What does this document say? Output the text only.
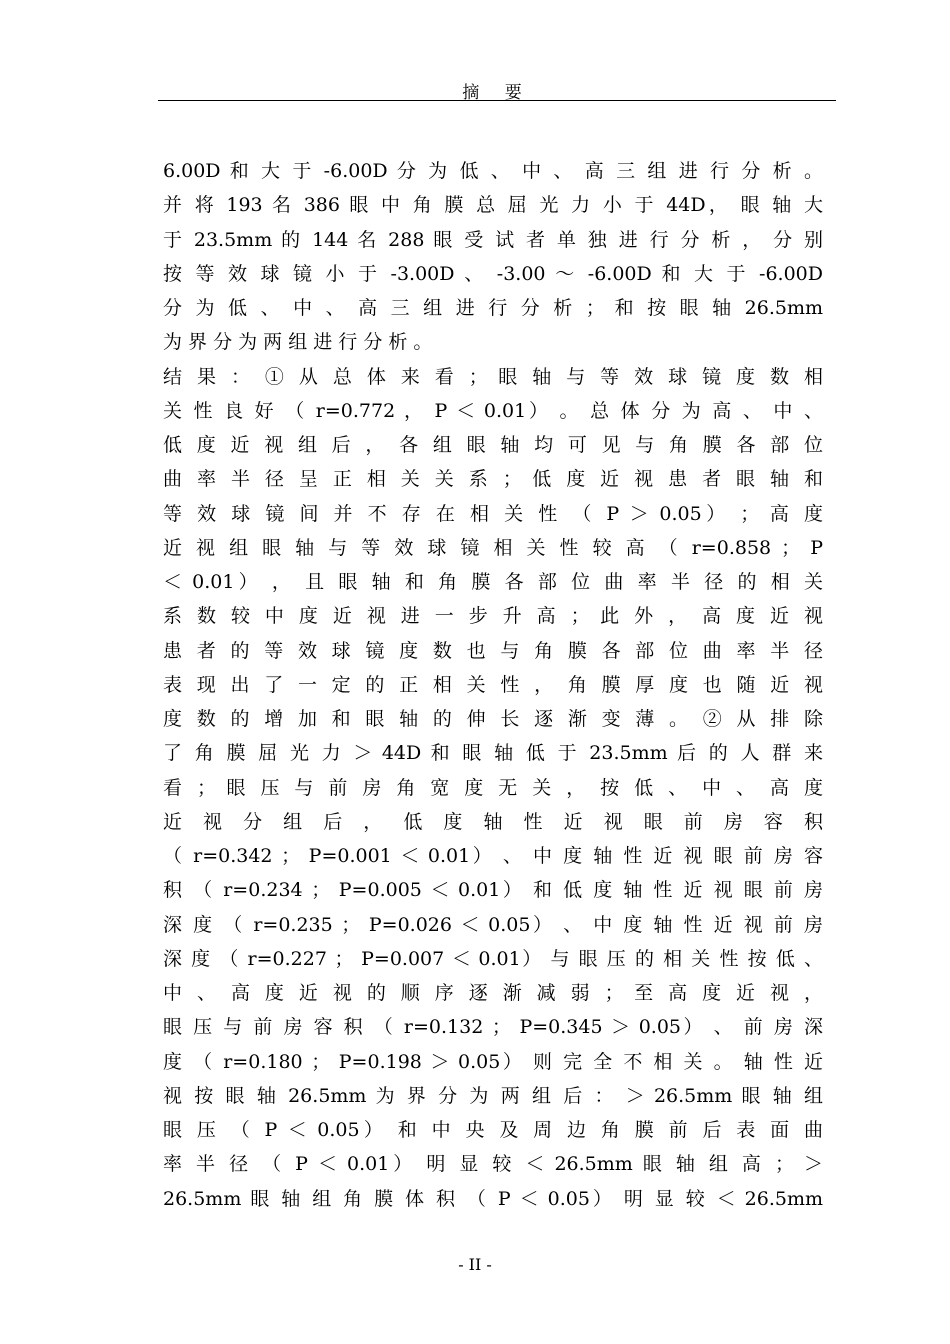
摘 要
6.00D 和 大 于 -6.00D 分 为 低 、 中 、 高 三 组 进 行 分 析 。
并 将 193 名 386 眼 中 角 膜 总 屈 光 力 小 于 44D， 眼 轴 大
于 23.5mm 的 144 名 288 眼 受 试 者 单 独 进 行 分 析 ， 分 别
按 等 效 球 镜 小 于 -3.00D 、 -3.00 ～ -6.00D 和 大 于 -6.00D
分 为 低 、 中 、 高 三 组 进 行 分 析 ； 和 按 眼 轴 26.5mm
为 界 分 为 两 组 进 行 分 析 。
结 果 ： ① 从 总 体 来 看 ； 眼 轴 与 等 效 球 镜 度 数 相
关 性 良 好 （ r=0.772 ， P ＜ 0.01） 。 总 体 分 为 高 、 中 、
低 度 近 视 组 后 ， 各 组 眼 轴 均 可 见 与 角 膜 各 部 位
曲 率 半 径 呈 正 相 关 关 系 ； 低 度 近 视 患 者 眼 轴 和
等 效 球 镜 间 并 不 存 在 相 关 性 （ P ＞ 0.05） ； 高 度
近 视 组 眼 轴 与 等 效 球 镜 相 关 性 较 高 （ r=0.858 ； P
＜ 0.01） ， 且 眼 轴 和 角 膜 各 部 位 曲 率 半 径 的 相 关
系 数 较 中 度 近 视 进 一 步 升 高 ； 此 外 ， 高 度 近 视
患 者 的 等 效 球 镜 度 数 也 与 角 膜 各 部 位 曲 率 半 径
表 现 出 了 一 定 的 正 相 关 性 ， 角 膜 厚 度 也 随 近 视
度 数 的 增 加 和 眼 轴 的 伸 长 逐 渐 变 薄 。 ② 从 排 除
了 角 膜 屈 光 力 ＞ 44D 和 眼 轴 低 于 23.5mm 后 的 人 群 来
看 ； 眼 压 与 前 房 角 宽 度 无 关 ， 按 低 、 中 、 高 度
近 视 分 组 后 ， 低 度 轴 性 近 视 眼 前 房 容 积
（ r=0.342 ； P=0.001 ＜ 0.01） 、 中 度 轴 性 近 视 眼 前 房 容
积 （ r=0.234 ； P=0.005 ＜ 0.01） 和 低 度 轴 性 近 视 眼 前 房
深 度 （ r=0.235 ； P=0.026 ＜ 0.05） 、 中 度 轴 性 近 视 前 房
深 度 （ r=0.227 ； P=0.007 ＜ 0.01） 与 眼 压 的 相 关 性 按 低 、
中 、 高 度 近 视 的 顺 序 逐 渐 减 弱 ； 至 高 度 近 视 ，
眼 压 与 前 房 容 积 （ r=0.132 ； P=0.345 ＞ 0.05） 、 前 房 深
度 （ r=0.180 ； P=0.198 ＞ 0.05） 则 完 全 不 相 关 。 轴 性 近
视 按 眼 轴 26.5mm 为 界 分 为 两 组 后 ： ＞ 26.5mm 眼 轴 组
眼 压 （ P ＜ 0.05） 和 中 央 及 周 边 角 膜 前 后 表 面 曲
率 半 径 （ P ＜ 0.01） 明 显 较 ＜ 26.5mm 眼 轴 组 高 ； ＞
26.5mm 眼 轴 组 角 膜 体 积 （ P ＜ 0.05） 明 显 较 ＜ 26.5mm
- II -
